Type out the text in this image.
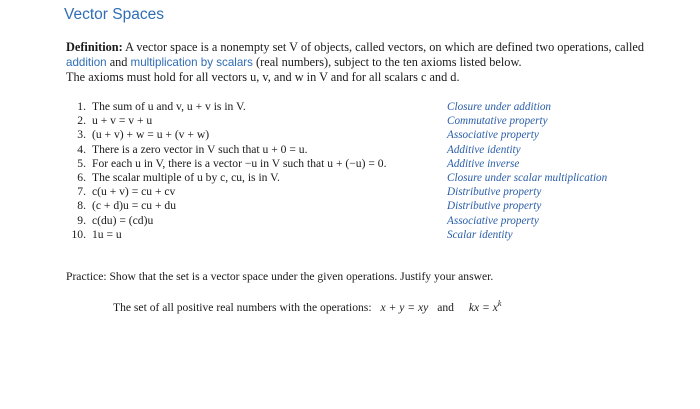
Vector Spaces
Definition: A vector space is a nonempty set V of objects, called vectors, on which are defined two operations, called addition and multiplication by scalars (real numbers), subject to the ten axioms listed below.
The axioms must hold for all vectors u, v, and w in V and for all scalars c and d.
1. The sum of u and v, u + v is in V.	Closure under addition
2. u + v = v + u	Commutative property
3. (u + v) + w = u + (v + w)	Associative property
4. There is a zero vector in V such that u + 0 = u.	Additive identity
5. For each u in V, there is a vector −u in V such that u + (−u) = 0.	Additive inverse
6. The scalar multiple of u by c, cu, is in V.	Closure under scalar multiplication
7. c(u + v) = cu + cv	Distributive property
8. (c + d)u = cu + du	Distributive property
9. c(du) = (cd)u	Associative property
10. 1u = u	Scalar identity
Practice: Show that the set is a vector space under the given operations. Justify your answer.
The set of all positive real numbers with the operations: x + y = xy and kx = $x^k$
